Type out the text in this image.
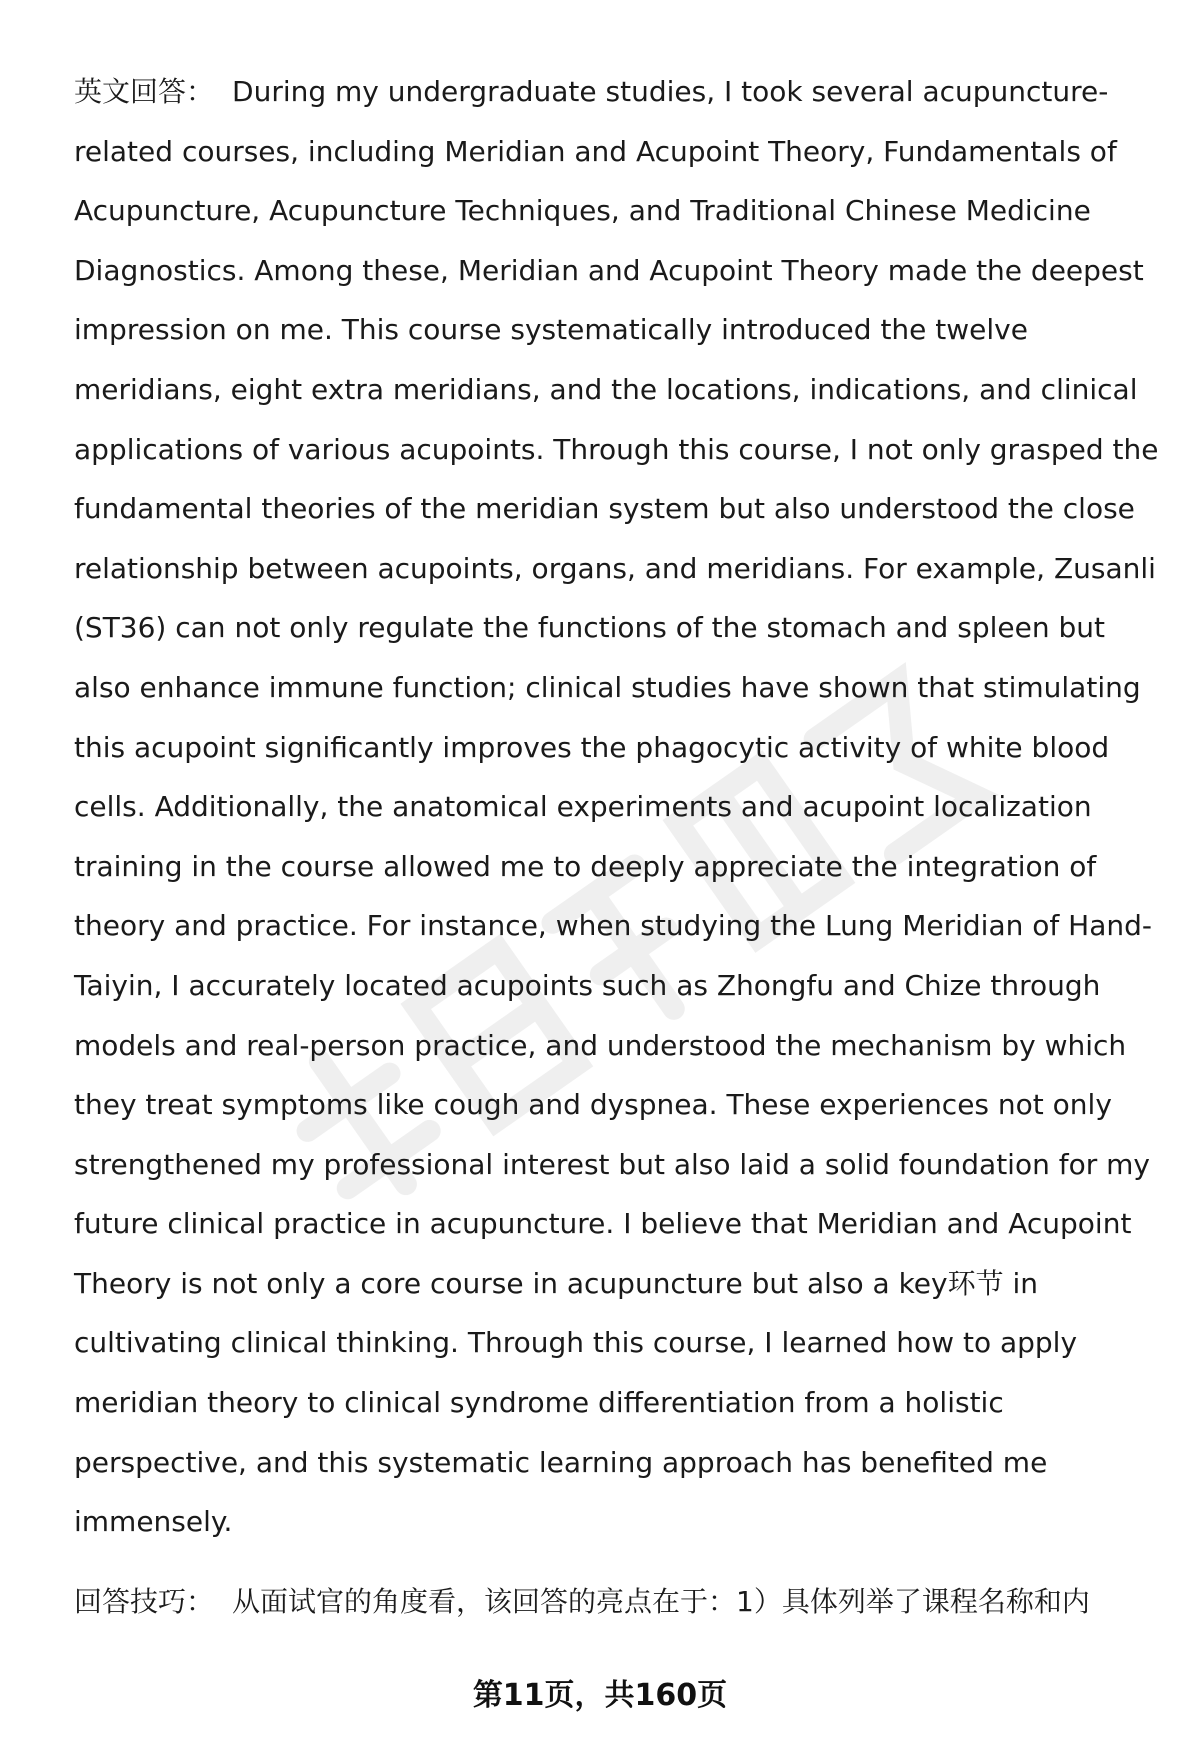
英文回答： During my undergraduate studies, I took several acupuncture-related courses, including Meridian and Acupoint Theory, Fundamentals of Acupuncture, Acupuncture Techniques, and Traditional Chinese Medicine Diagnostics. Among these, Meridian and Acupoint Theory made the deepest impression on me. This course systematically introduced the twelve meridians, eight extra meridians, and the locations, indications, and clinical applications of various acupoints. Through this course, I not only grasped the fundamental theories of the meridian system but also understood the close relationship between acupoints, organs, and meridians. For example, Zusanli (ST36) can not only regulate the functions of the stomach and spleen but also enhance immune function; clinical studies have shown that stimulating this acupoint significantly improves the phagocytic activity of white blood cells. Additionally, the anatomical experiments and acupoint localization training in the course allowed me to deeply appreciate the integration of theory and practice. For instance, when studying the Lung Meridian of Hand-Taiyin, I accurately located acupoints such as Zhongfu and Chize through models and real-person practice, and understood the mechanism by which they treat symptoms like cough and dyspnea. These experiences not only strengthened my professional interest but also laid a solid foundation for my future clinical practice in acupuncture. I believe that Meridian and Acupoint Theory is not only a core course in acupuncture but also a key环节 in cultivating clinical thinking. Through this course, I learned how to apply meridian theory to clinical syndrome differentiation from a holistic perspective, and this systematic learning approach has benefited me immensely.

回答技巧： 从面试官的角度看，该回答的亮点在于：1）具体列举了课程名称和内

第11页，共160页
